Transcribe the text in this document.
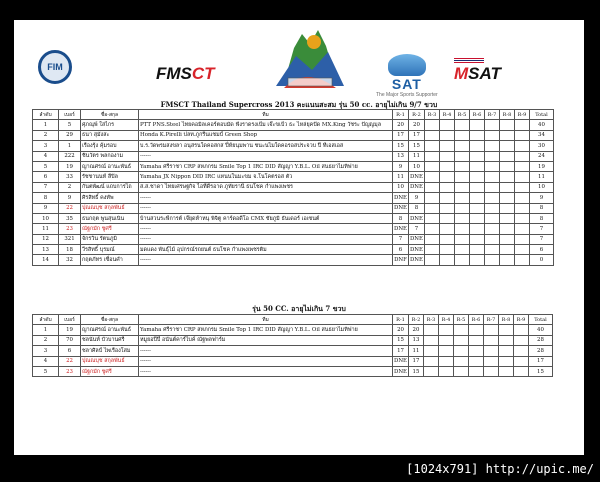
FIM	FMSCT
SAT
The Major Sports Supporter
MSAT
FMSCT Thailand Supercross 2013 คะแนนสะสม รุ่น 50 cc. อายุไม่เกิน 9/7 ขวบ
ลำดับ	เบอร์	ชื่อ-สกุล	ทีม	R-1	R-2	R-3	R-4	R-5	R-6	R-7	R-8	R-9	Total
1	5	ศุภณุพ์ ใสไกร	PTT PNS.Steel ไทยคอมิลเคอร์ตอบมัด ฟังราดรงเป้ม เจ๊ะขเป้ว ธะ ไหล่ยุคปัด MX.King วัชระ ปัญญมุล	20	20								40
2	29	ธนา สุมังสะ	Honda K.Pirelli ปลท.ภูกรีนแชมป์ Green Shop	17	17								34
3	1	เรืองรุ้ง คุ้มรอบ	บ.ร.วัดพรมสงขลา อนุสรนใดคอสกส ปี่ห้ยนุมพาน ชนะนไมใดคอรอสประจวบ ปี ทีเอสเอส	15	15								30
4	222	ชินวัตร พลกองาม	------	13	11								24
5	19	ญาณศรณ์ อานะพันธ์	Yamaha ศรีราชา CRP สหภกรม Smile Top 1 IRC DID สัญญา Y.B.L. Oil สนธยาไมทิฟาย	9	10								19
6	33	รัชชานนท์ ลีปิล	Yamaha JX Nippon DID IRC แหนนในมะขม จ.โนโคตรอส ตัว	11	DNE								11
7	2	กันตพัฒน์ แถบการไถ	ส.ส.ชาดา ไทยเศรษฐกิจ ไอที่ดีรอาด ภูทัยรานี ธนโชค กำแพงเพชร	10	DNE								10
8	9	ศิรสิทธิ์ คงทัพ	------	DNE	9								9
9	22	ปุณณบุช สกุลพันธ์	------	DNE	8								8
10	35	ธนกฤต พูนสุนเนิน	บ้านสวนระพีการต์ เจ๊ยุดห้าหนุ พิจิตู คาร์ดอดีโอ CMX ชัยภูมิ ธันเดอร์ เอเซนต์	8	DNE								8
11	23	ณัฐกมัก ชูศรี	------	DNE	7								7
12	321	จักรวิน รัตนภูมิ	------	7	DNE								7
13	18	วีรสิทธิ์ บุรมณ์	มดแดง พันธุ์ไม้ อุปกรณ์รถยนต์ ธนโชค กำแพงเพชรติม	6	DNE								6
14	32	กฤตภัทร เซื่อนคำ	------	DNF	DNE								0
รุ่น 50 CC. อายุไม่เกิน 7 ขวบ
ลำดับ	เบอร์	ชื่อ-สกุล	ทีม	R-1	R-2	R-3	R-4	R-5	R-6	R-7	R-8	R-9	Total
1	19	ญาณศรณ์ อานะพันธ์	Yamaha ศรีราชา CRP สหภกรม Smile Top 1 IRC DID สัญญา Y.B.L. Oil สนธยาไมทิฟาย	20	20								40
2	70	ชลนันท์ บัวบานศรี	หมูยอปีปี่ อนันต์คาร์ไบค์ ณัฐพลฟาร์ม	15	13								28
3	6	ชลาศิลป์ ไพเรืองโสม	------	17	11								28
4	22	ปุณณบุช สกุลพันธ์	------	DNE	17								17
5	23	ณัฐกมัก ชูศรี	------	DNE	15								15
[1024x791] http://upic.me/
